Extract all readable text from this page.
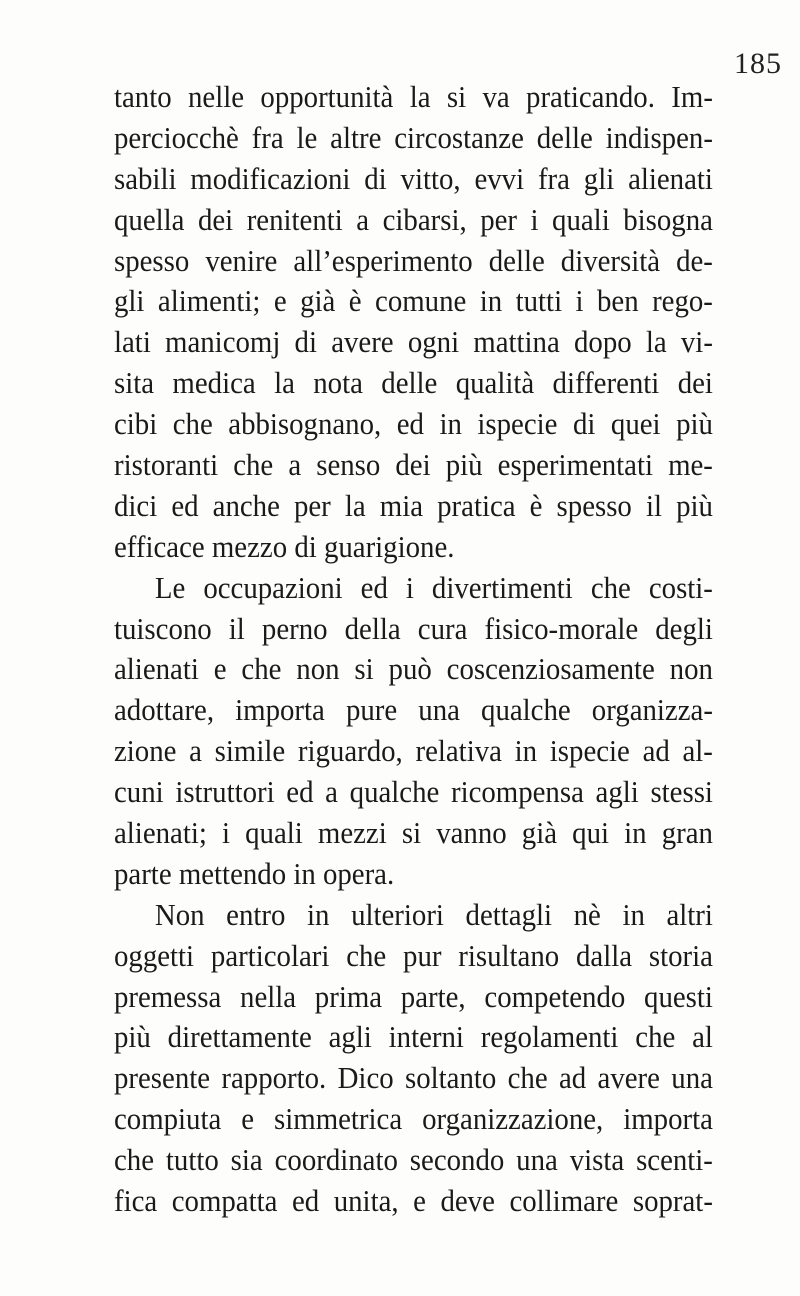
185
tanto nelle opportunità la si va praticando. Im-
perciocchè fra le altre circostanze delle indispen-
sabili modificazioni di vitto, evvi fra gli alienati
quella dei renitenti a cibarsi, per i quali bisogna
spesso venire all’esperimento delle diversità de-
gli alimenti; e già è comune in tutti i ben rego-
lati manicomj di avere ogni mattina dopo la vi-
sita medica la nota delle qualità differenti dei
cibi che abbisognano, ed in ispecie di quei più
ristoranti che a senso dei più esperimentati me-
dici ed anche per la mia pratica è spesso il più
efficace mezzo di guarigione.
Le occupazioni ed i divertimenti che costi-
tuiscono il perno della cura fisico-morale degli
alienati e che non si può coscenziosamente non
adottare, importa pure una qualche organizza-
zione a simile riguardo, relativa in ispecie ad al-
cuni istruttori ed a qualche ricompensa agli stessi
alienati; i quali mezzi si vanno già qui in gran
parte mettendo in opera.
Non entro in ulteriori dettagli nè in altri
oggetti particolari che pur risultano dalla storia
premessa nella prima parte, competendo questi
più direttamente agli interni regolamenti che al
presente rapporto. Dico soltanto che ad avere una
compiuta e simmetrica organizzazione, importa
che tutto sia coordinato secondo una vista scenti-
fica compatta ed unita, e deve collimare soprat-
